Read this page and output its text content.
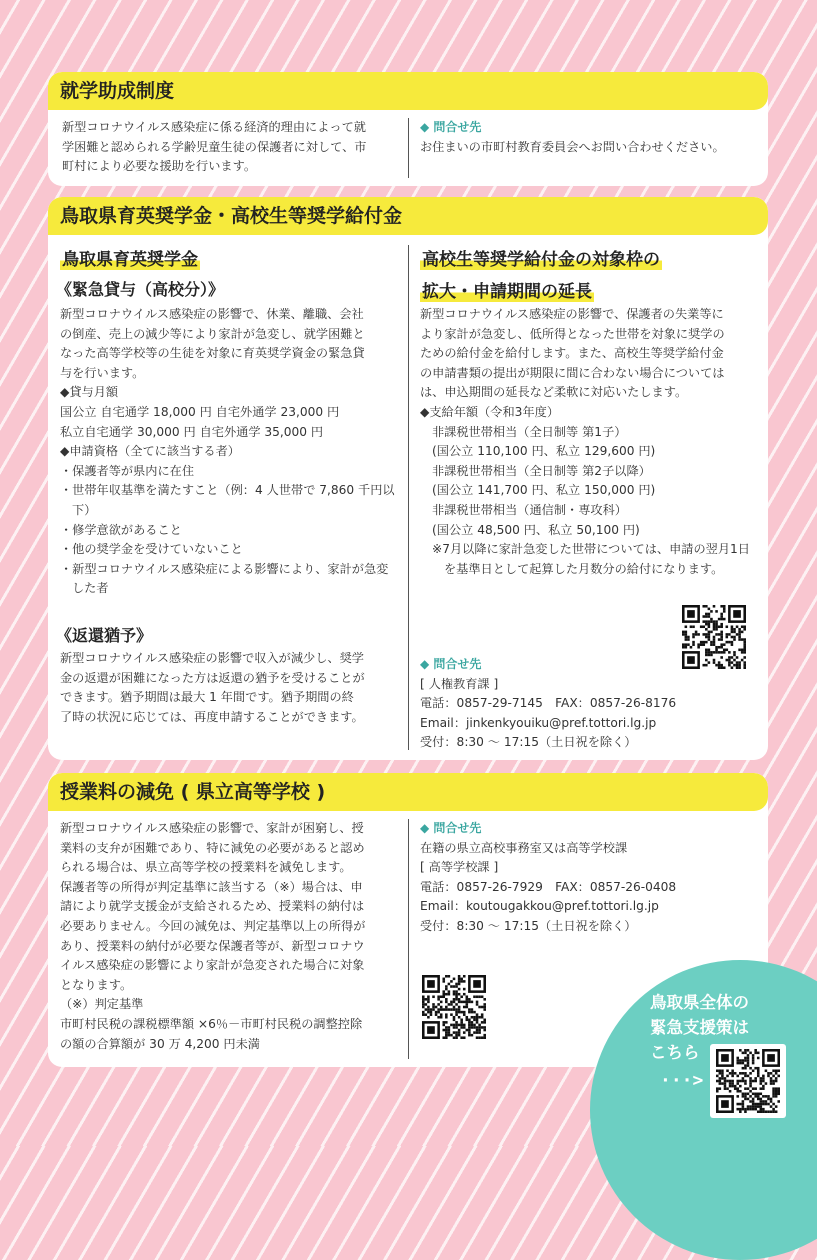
就学助成制度

新型コロナウイルス感染症に係る経済的理由によって就

学困難と認められる学齢児童生徒の保護者に対して、市

町村により必要な援助を行います。

◆ 問合せ先

お住まいの市町村教育委員会へお問い合わせください。

鳥取県育英奨学金・高校生等奨学給付金
鳥取県育英奨学金
《緊急貸与（高校分）》

新型コロナウイルス感染症の影響で、休業、離職、会社

の倒産、売上の減少等により家計が急変し、就学困難と

なった高等学校等の生徒を対象に育英奨学資金の緊急貸

与を行います。

◆貸与月額

国公立 自宅通学 18,000 円 自宅外通学 23,000 円

私立自宅通学 30,000 円 自宅外通学 35,000 円

◆申請資格（全てに該当する者）

・保護者等が県内に在住

・世帯年収基準を満たすこと（例：4 人世帯で 7,860 千円以下）

・修学意欲があること

・他の奨学金を受けていないこと

・新型コロナウイルス感染症による影響により、家計が急変した者

《返還猶予》

新型コロナウイルス感染症の影響で収入が減少し、奨学

金の返還が困難になった方は返還の猶予を受けることが

できます。猶予期間は最大 1 年間です。猶予期間の終

了時の状況に応じては、再度申請することができます。

高校生等奨学給付金の対象枠の
拡大・申請期間の延長

新型コロナウイルス感染症の影響で、保護者の失業等に

より家計が急変し、低所得となった世帯を対象に奨学の

ための給付金を給付します。また、高校生等奨学給付金

の申請書類の提出が期限に間に合わない場合については

は、申込期間の延長など柔軟に対応いたします。

◆支給年額（令和3年度）

非課税世帯相当（全日制等 第1子）

(国公立 110,100 円、私立 129,600 円)

非課税世帯相当（全日制等 第2子以降）

(国公立 141,700 円、私立 150,000 円)

非課税世帯相当（通信制・専攻科）

(国公立 48,500 円、私立 50,100 円)

※7月以降に家計急変した世帯については、申請の翌月1日を基準日として起算した月数分の給付になります。

◆ 問合せ先

[ 人権教育課 ]

電話：0857-29-7145　FAX：0857-26-8176

Email：jinkenkyouiku@pref.tottori.lg.jp

受付：8:30 ～ 17:15（土日祝を除く）

授業料の減免 ( 県立高等学校 )

新型コロナウイルス感染症の影響で、家計が困窮し、授

業料の支弁が困難であり、特に減免の必要があると認め

られる場合は、県立高等学校の授業料を減免します。

保護者等の所得が判定基準に該当する（※）場合は、申

請により就学支援金が支給されるため、授業料の納付は

必要ありません。今回の減免は、判定基準以上の所得が

あり、授業料の納付が必要な保護者等が、新型コロナウ

イルス感染症の影響により家計が急変された場合に対象

となります。

（※）判定基準

市町村民税の課税標準額 ×6％－市町村民税の調整控除

の額の合算額が 30 万 4,200 円未満

◆ 問合せ先

在籍の県立高校事務室又は高等学校課

[ 高等学校課 ]

電話：0857-26-7929　FAX：0857-26-0408

Email：koutougakkou@pref.tottori.lg.jp

受付：8:30 ～ 17:15（土日祝を除く）

鳥取県全体の
緊急支援策は
こちら
···>
